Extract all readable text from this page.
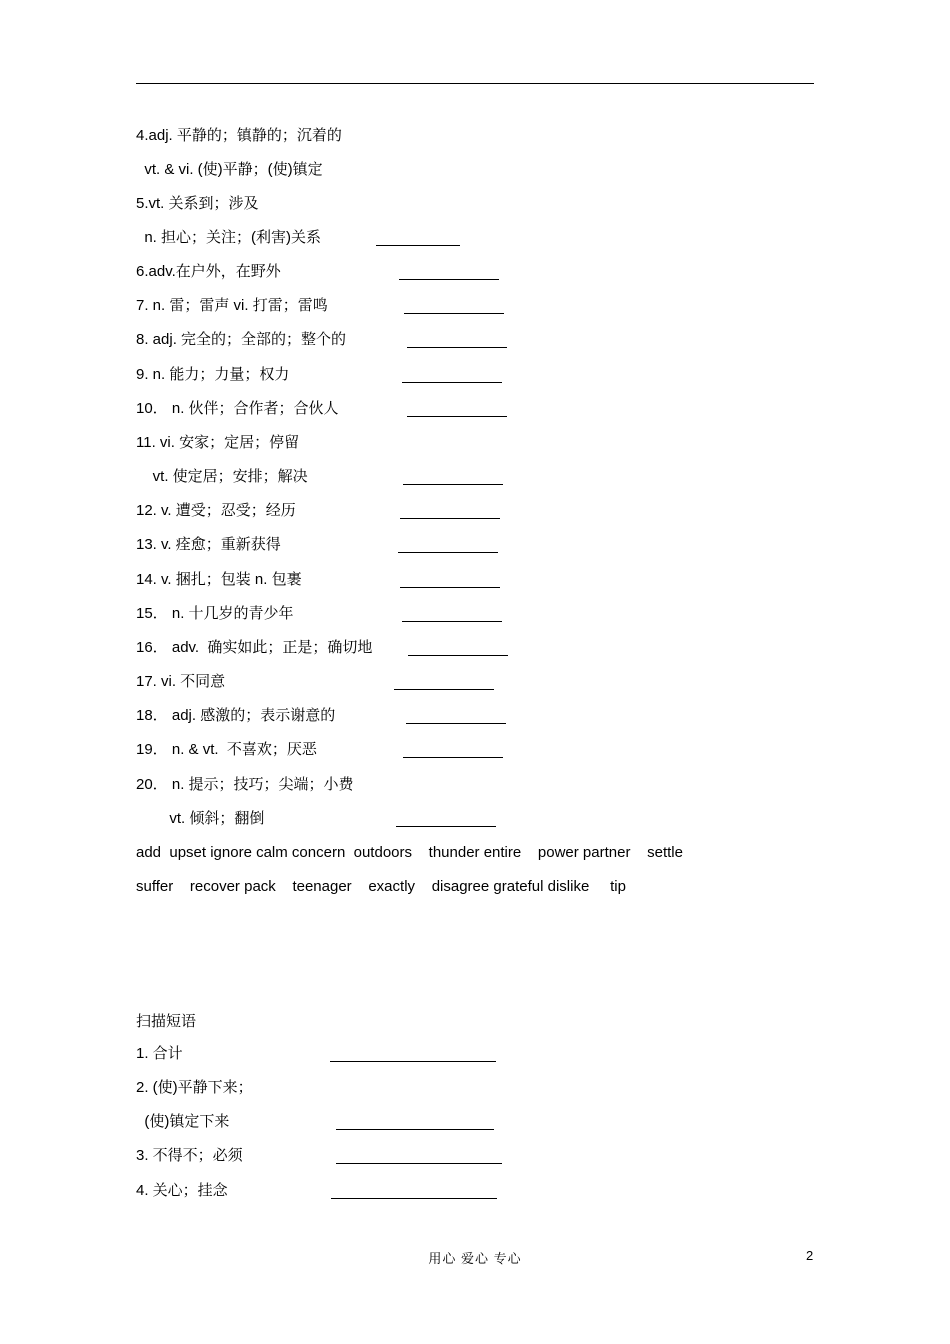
4.adj. 平静的；镇静的；沉着的
vt. & vi. (使)平静；(使)镇定
5.vt. 关系到；涉及
n. 担心；关注；(利害)关系
6.adv.在户外，在野外
7. n. 雷；雷声 vi. 打雷；雷鸣
8. adj. 完全的；全部的；整个的
9. n. 能力；力量；权力
10． n. 伙伴；合作者；合伙人
11. vi. 安家；定居；停留
vt. 使定居；安排；解决
12. v. 遭受；忍受；经历
13. v. 痊愈；重新获得
14. v. 捆扎；包装 n. 包裹
15． n. 十几岁的青少年
16． adv.  确实如此；正是；确切地
17. vi. 不同意
18． adj. 感激的；表示谢意的
19． n. & vt.  不喜欢；厌恶
20． n. 提示；技巧；尖端；小费
vt. 倾斜；翻倒
add  upset ignore calm concern  outdoors    thunder entire    power partner    settle
suffer    recover pack    teenager    exactly    disagree grateful dislike     tip
扫描短语
1. 合计
2. (使)平静下来；
(使)镇定下来
3. 不得不；必须
4. 关心；挂念
用心 爱心 专心	2
